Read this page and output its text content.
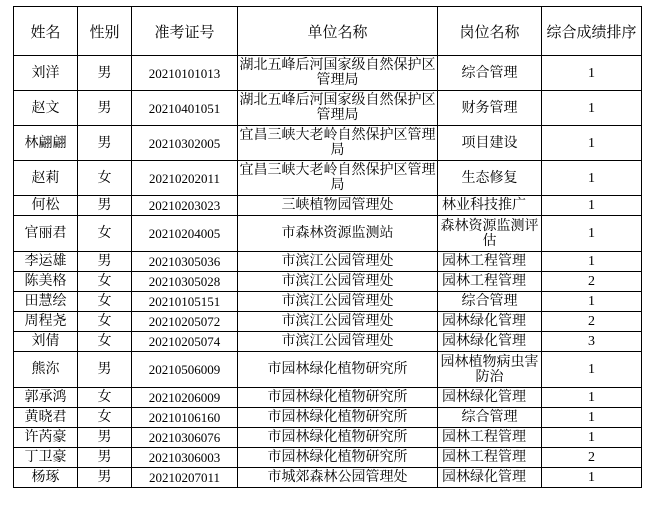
姓名	性别	准考证号	单位名称	岗位名称	综合成绩排序
刘洋	男	20210101013	湖北五峰后河国家级自然保护区管理局	综合管理	1
赵文	男	20210401051	湖北五峰后河国家级自然保护区管理局	财务管理	1
林翩翩	男	20210302005	宜昌三峡大老岭自然保护区管理局	项目建设	1
赵莉	女	20210202011	宜昌三峡大老岭自然保护区管理局	生态修复	1
何松	男	20210203023	三峡植物园管理处	林业科技推广	1
官丽君	女	20210204005	市森林资源监测站	森林资源监测评估	1
李运雄	男	20210305036	市滨江公园管理处	园林工程管理	1
陈美格	女	20210305028	市滨江公园管理处	园林工程管理	2
田慧绘	女	20210105151	市滨江公园管理处	综合管理	1
周程尧	女	20210205072	市滨江公园管理处	园林绿化管理	2
刘倩	女	20210205074	市滨江公园管理处	园林绿化管理	3
熊沵	男	20210506009	市园林绿化植物研究所	园林植物病虫害防治	1
郭承鸿	女	20210206009	市园林绿化植物研究所	园林绿化管理	1
黄晓君	女	20210106160	市园林绿化植物研究所	综合管理	1
许芮豪	男	20210306076	市园林绿化植物研究所	园林工程管理	1
丁卫豪	男	20210306003	市园林绿化植物研究所	园林工程管理	2
杨琢	男	20210207011	市城郊森林公园管理处	园林绿化管理	1
